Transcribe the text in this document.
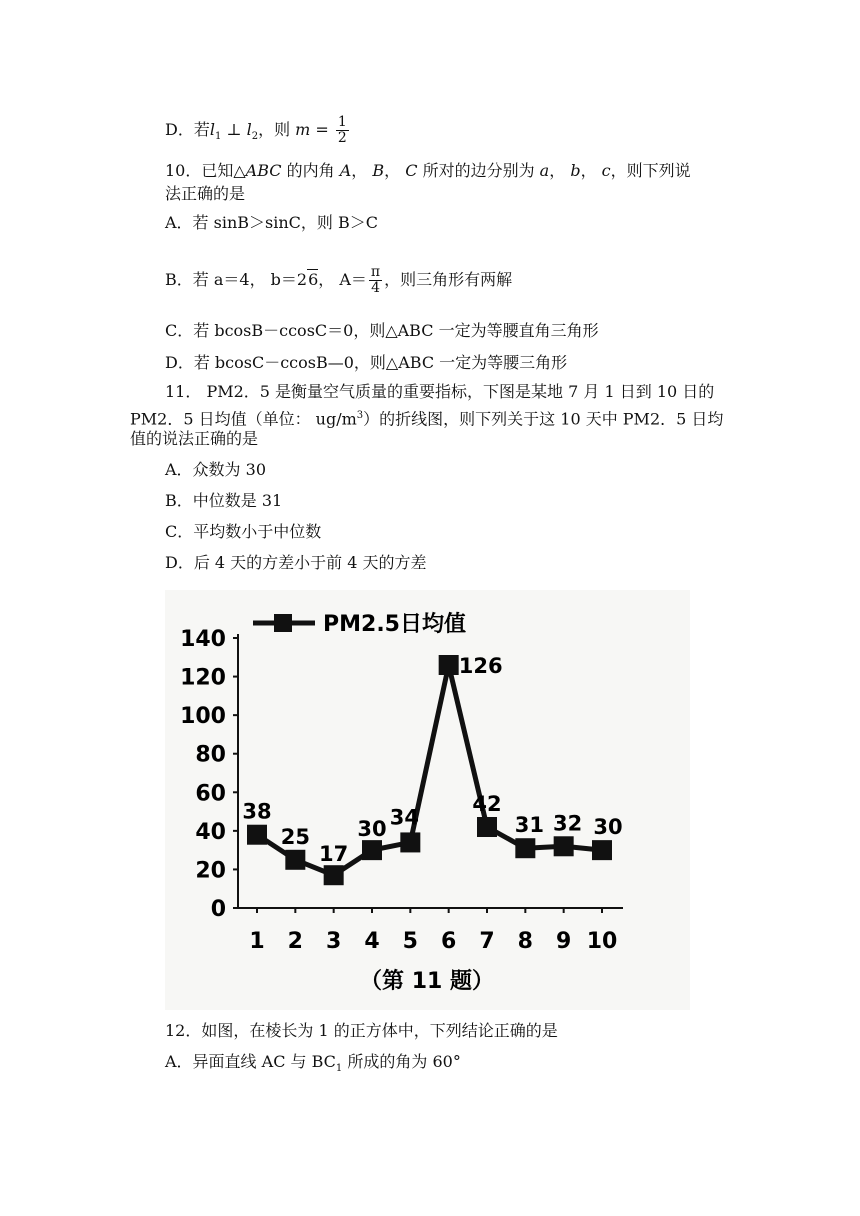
D．若$l_1$ ⊥ $l_2$，则 $m = \frac{1}{2}$
10．已知△ABC 的内角 A， B， C 所对的边分别为 a， b， c，则下列说
法正确的是
A．若 sinB＞sinC，则 B＞C
B．若 a＝4， b＝26， $A= \frac{\pi}{4}$ ，则三角形有两解
C．若 bcosB－ccosC＝0，则△ABC 一定为等腰直角三角形
D．若 bcosC－ccosB—0，则△ABC 一定为等腰三角形
11． PM2．5 是衡量空气质量的重要指标，下图是某地 7 月 1 日到 10 日的
PM2．5 日均值（单位： $ug/m^3$）的折线图，则下列关于这 10 天中 PM2．5 日均
值的说法正确的是
A．众数为 30
B．中位数是 31
C．平均数小于中位数
D．后 4 天的方差小于前 4 天的方差
0
20
40
60
80
100
120
140
1 2 3 4 5 6 7 8 9 10
PM2.5日均值
38
25
17
30 34
126
42
31 32 30
（第 11 题）
12．如图，在棱长为 1 的正方体中，下列结论正确的是
A．异面直线 AC 与 $BC_1$ 所成的角为 60°
